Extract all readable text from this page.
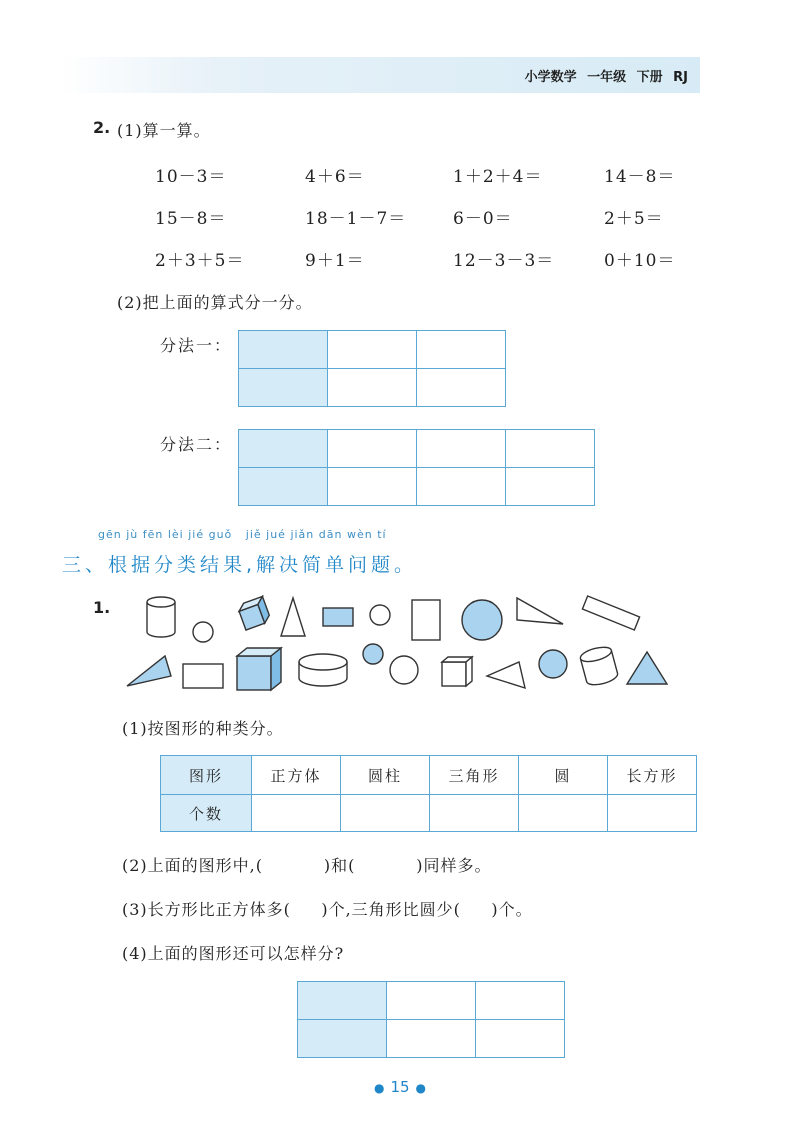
小学数学 一年级 下册 RJ
2. (1)算一算。
10－3＝	4＋6＝	1＋2＋4＝	14－8＝
15－8＝	18－1－7＝	6－0＝	2＋5＝
2＋3＋5＝	9＋1＝	12－3－3＝	0＋10＝
(2)把上面的算式分一分。
分法一：

分法二：

gēn jù fēn lèi jié guǒ   jiě jué jiǎn dān wèn tí
三、根据分类结果,解决简单问题。
1.
(1)按图形的种类分。
图形	正方体	圆柱	三角形	圆	长方形
个数					
(2)上面的图形中,(          )和(          )同样多。
(3)长方形比正方体多(     )个,三角形比圆少(     )个。
(4)上面的图形还可以怎样分?

● 15 ●
